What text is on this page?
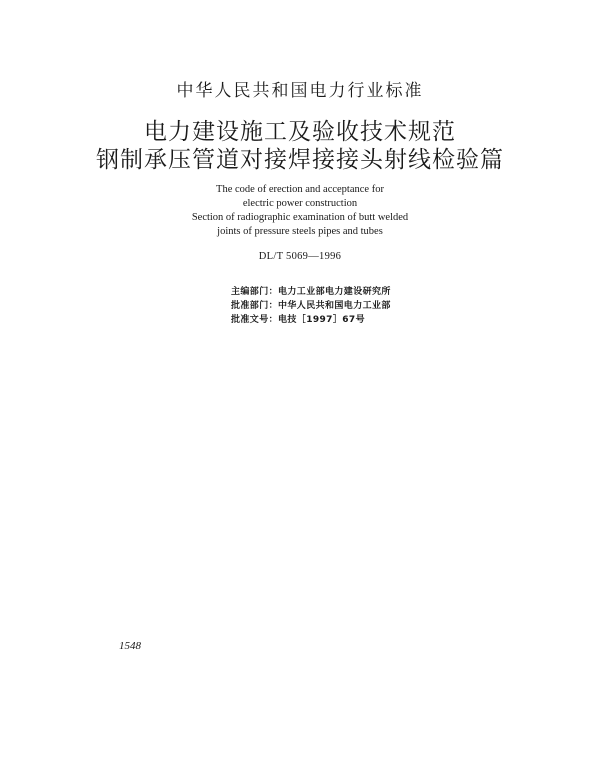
中华人民共和国电力行业标准
电力建设施工及验收技术规范
钢制承压管道对接焊接接头射线检验篇
The code of erection and acceptance for
electric power construction
Section of radiographic examination of butt welded
joints of pressure steels pipes and tubes
DL/T 5069—1996
主编部门：电力工业部电力建设研究所
批准部门：中华人民共和国电力工业部
批准文号：电技［1997］67号
1548
